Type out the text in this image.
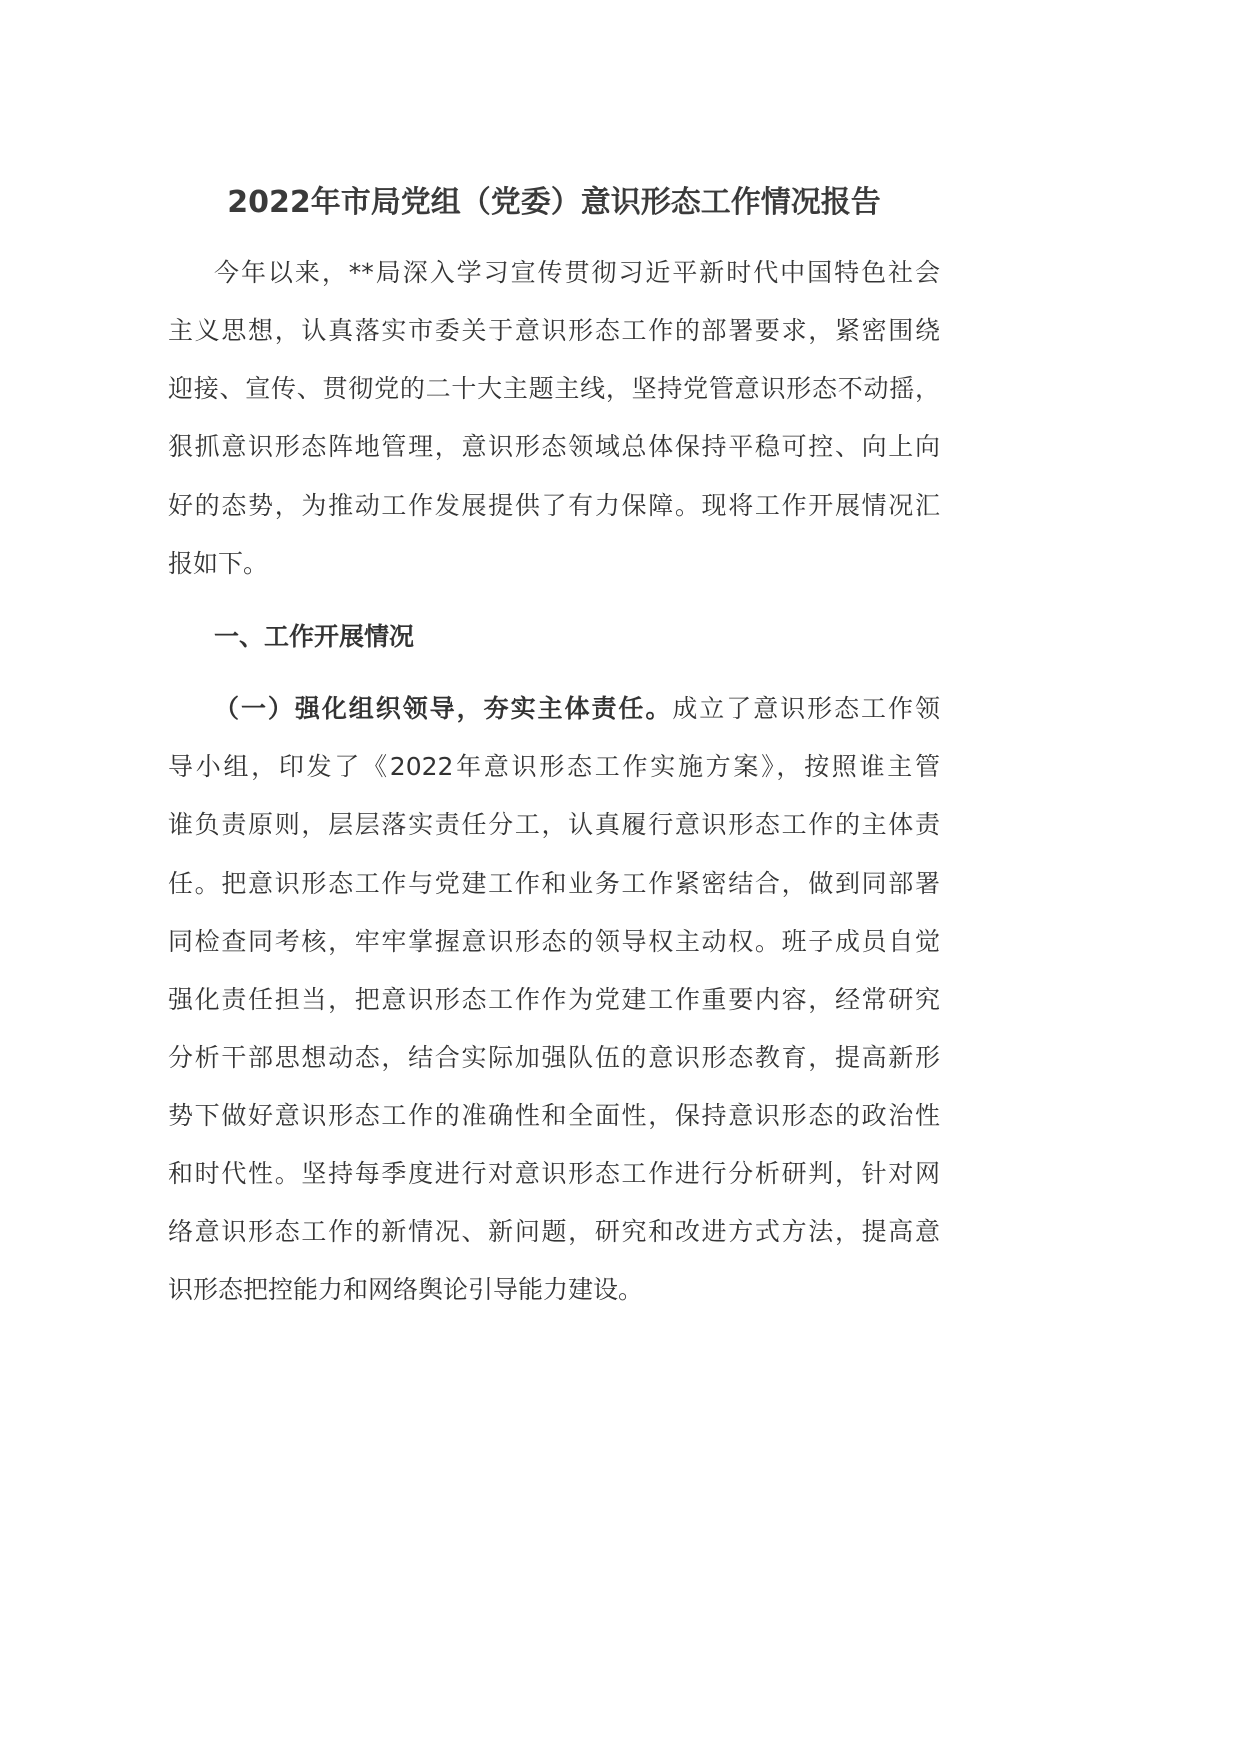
2022年市局党组（党委）意识形态工作情况报告
今年以来，**局深入学习宣传贯彻习近平新时代中国特色社会
主义思想，认真落实市委关于意识形态工作的部署要求，紧密围绕
迎接、宣传、贯彻党的二十大主题主线，坚持党管意识形态不动摇，
狠抓意识形态阵地管理，意识形态领域总体保持平稳可控、向上向
好的态势，为推动工作发展提供了有力保障。现将工作开展情况汇
报如下。
一、工作开展情况
（一）强化组织领导，夯实主体责任。成立了意识形态工作领
导小组，印发了《2022年意识形态工作实施方案》，按照谁主管
谁负责原则，层层落实责任分工，认真履行意识形态工作的主体责
任。把意识形态工作与党建工作和业务工作紧密结合，做到同部署
同检查同考核，牢牢掌握意识形态的领导权主动权。班子成员自觉
强化责任担当，把意识形态工作作为党建工作重要内容，经常研究
分析干部思想动态，结合实际加强队伍的意识形态教育，提高新形
势下做好意识形态工作的准确性和全面性，保持意识形态的政治性
和时代性。坚持每季度进行对意识形态工作进行分析研判，针对网
络意识形态工作的新情况、新问题，研究和改进方式方法，提高意
识形态把控能力和网络舆论引导能力建设。
